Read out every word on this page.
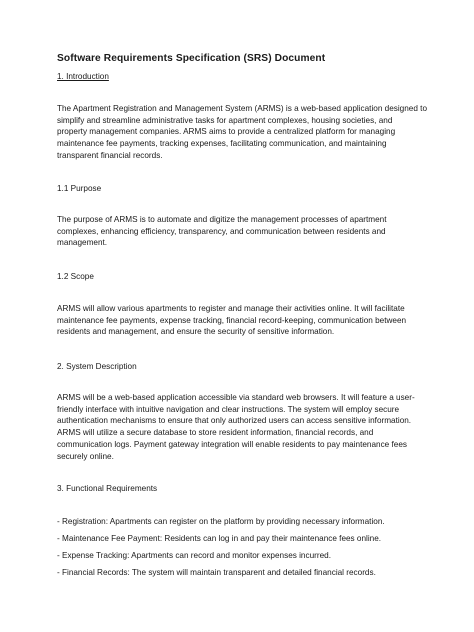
Software Requirements Specification (SRS) Document

1. Introduction

The Apartment Registration and Management System (ARMS) is a web-based application designed to
simplify and streamline administrative tasks for apartment complexes, housing societies, and
property management companies. ARMS aims to provide a centralized platform for managing
maintenance fee payments, tracking expenses, facilitating communication, and maintaining
transparent financial records.

1.1 Purpose

The purpose of ARMS is to automate and digitize the management processes of apartment
complexes, enhancing efficiency, transparency, and communication between residents and
management.

1.2 Scope

ARMS will allow various apartments to register and manage their activities online. It will facilitate
maintenance fee payments, expense tracking, financial record-keeping, communication between
residents and management, and ensure the security of sensitive information.

2. System Description

ARMS will be a web-based application accessible via standard web browsers. It will feature a user-
friendly interface with intuitive navigation and clear instructions. The system will employ secure
authentication mechanisms to ensure that only authorized users can access sensitive information.
ARMS will utilize a secure database to store resident information, financial records, and
communication logs. Payment gateway integration will enable residents to pay maintenance fees
securely online.

3. Functional Requirements

- Registration: Apartments can register on the platform by providing necessary information.

- Maintenance Fee Payment: Residents can log in and pay their maintenance fees online.

- Expense Tracking: Apartments can record and monitor expenses incurred.

- Financial Records: The system will maintain transparent and detailed financial records.
